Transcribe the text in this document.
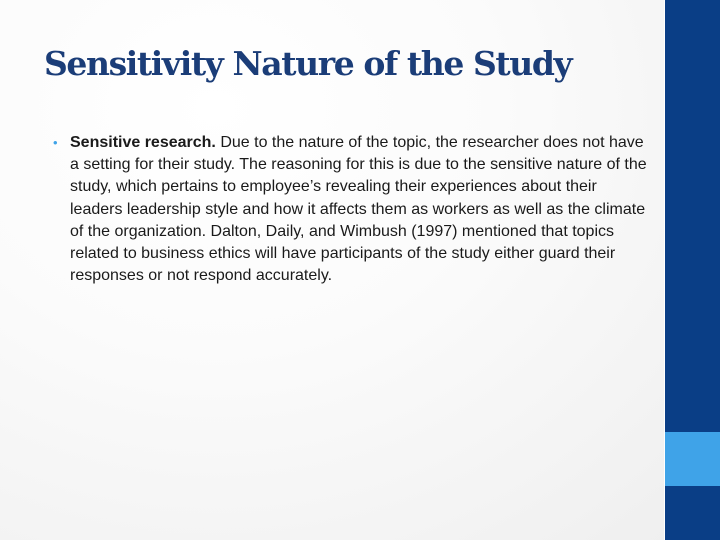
Sensitivity Nature of the Study
• Sensitive research. Due to the nature of the topic, the researcher does not have a setting for their study. The reasoning for this is due to the sensitive nature of the study, which pertains to employee’s revealing their experiences about their leaders leadership style and how it affects them as workers as well as the climate of the organization. Dalton, Daily, and Wimbush (1997) mentioned that topics related to business ethics will have participants of the study either guard their responses or not respond accurately.
